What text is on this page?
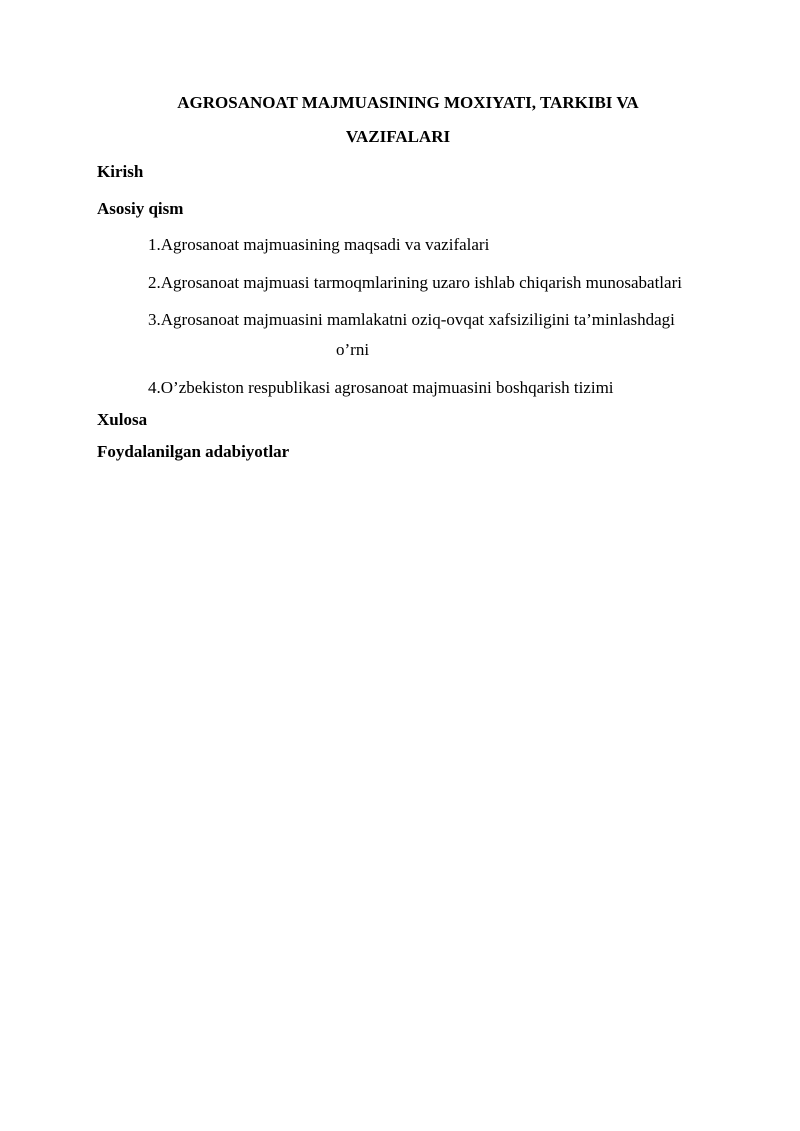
AGROSANOAT MAJMUASINING MOXIYATI, TARKIBI VA
VAZIFALARI
Kirish
Asosiy qism
1.Agrosanoat majmuasining maqsadi va vazifalari
2.Agrosanoat majmuasi tarmoqmlarining uzaro ishlab chiqarish munosabatlari
3.Agrosanoat majmuasini mamlakatni oziq-ovqat xafsiziligini ta’minlashdagi
o’rni
4.O’zbekiston respublikasi agrosanoat majmuasini boshqarish tizimi
Xulosa
Foydalanilgan adabiyotlar
